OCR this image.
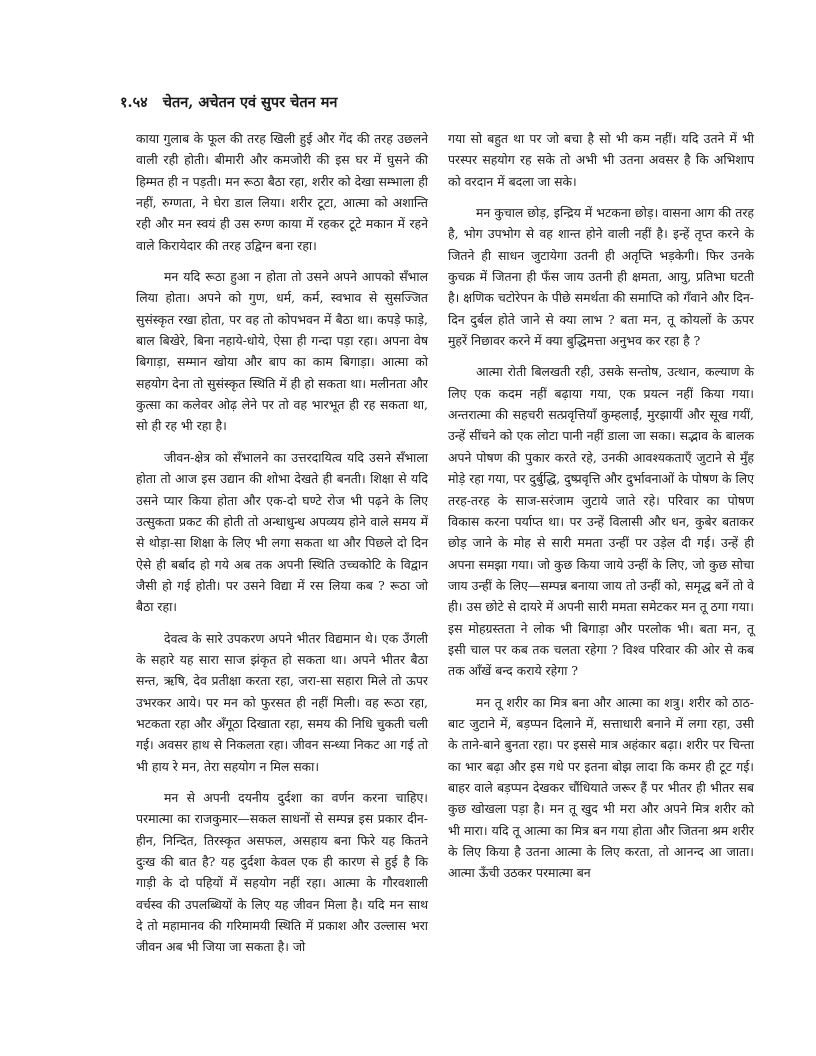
१.५४ चेतन, अचेतन एवं सुपर चेतन मन

काया गुलाब के फूल की तरह खिली हुई और गेंद की तरह उछलने वाली रही होती। बीमारी और कमजोरी की इस घर में घुसने की हिम्मत ही न पड़ती। मन रूठा बैठा रहा, शरीर को देखा सम्भाला ही नहीं, रुग्णता, ने घेरा डाल लिया। शरीर टूटा, आत्मा को अशान्ति रही और मन स्वयं ही उस रुग्ण काया में रहकर टूटे मकान में रहने वाले किरायेदार की तरह उद्विग्न बना रहा।

मन यदि रूठा हुआ न होता तो उसने अपने आपको सँभाल लिया होता। अपने को गुण, धर्म, कर्म, स्वभाव से सुसज्जित सुसंस्कृत रखा होता, पर वह तो कोपभवन में बैठा था। कपड़े फाड़े, बाल बिखेरे, बिना नहाये-धोये, ऐसा ही गन्दा पड़ा रहा। अपना वेष बिगाड़ा, सम्मान खोया और बाप का काम बिगाड़ा। आत्मा को सहयोग देना तो सुसंस्कृत स्थिति में ही हो सकता था। मलीनता और कुत्सा का कलेवर ओढ़ लेने पर तो वह भारभूत ही रह सकता था, सो ही रह भी रहा है।

जीवन-क्षेत्र को सँभालने का उत्तरदायित्व यदि उसने सँभाला होता तो आज इस उद्यान की शोभा देखते ही बनती। शिक्षा से यदि उसने प्यार किया होता और एक-दो घण्टे रोज भी पढ़ने के लिए उत्सुकता प्रकट की होती तो अन्धाधुन्ध अपव्यय होने वाले समय में से थोड़ा-सा शिक्षा के लिए भी लगा सकता था और पिछले दो दिन ऐसे ही बर्बाद हो गये अब तक अपनी स्थिति उच्चकोटि के विद्वान जैसी हो गई होती। पर उसने विद्या में रस लिया कब ? रूठा जो बैठा रहा।

देवत्व के सारे उपकरण अपने भीतर विद्यमान थे। एक उँगली के सहारे यह सारा साज झंकृत हो सकता था। अपने भीतर बैठा सन्त, ऋषि, देव प्रतीक्षा करता रहा, जरा-सा सहारा मिले तो ऊपर उभरकर आये। पर मन को फुरसत ही नहीं मिली। वह रूठा रहा, भटकता रहा और अँगूठा दिखाता रहा, समय की निधि चुकती चली गई। अवसर हाथ से निकलता रहा। जीवन सन्ध्या निकट आ गई तो भी हाय रे मन, तेरा सहयोग न मिल सका।

मन से अपनी दयनीय दुर्दशा का वर्णन करना चाहिए। परमात्मा का राजकुमार—सकल साधनों से सम्पन्न इस प्रकार दीन-हीन, निन्दित, तिरस्कृत असफल, असहाय बना फिरे यह कितने दुःख की बात है? यह दुर्दशा केवल एक ही कारण से हुई है कि गाड़ी के दो पहियों में सहयोग नहीं रहा। आत्मा के गौरवशाली वर्चस्व की उपलब्धियों के लिए यह जीवन मिला है। यदि मन साथ दे तो महामानव की गरिमामयी स्थिति में प्रकाश और उल्लास भरा जीवन अब भी जिया जा सकता है। जो

गया सो बहुत था पर जो बचा है सो भी कम नहीं। यदि उतने में भी परस्पर सहयोग रह सके तो अभी भी उतना अवसर है कि अभिशाप को वरदान में बदला जा सके।

मन कुचाल छोड़, इन्द्रिय में भटकना छोड़। वासना आग की तरह है, भोग उपभोग से वह शान्त होने वाली नहीं है। इन्हें तृप्त करने के जितने ही साधन जुटायेगा उतनी ही अतृप्ति भड़केगी। फिर उनके कुचक्र में जितना ही फँस जाय उतनी ही क्षमता, आयु, प्रतिभा घटती है। क्षणिक चटोरेपन के पीछे समर्थता की समाप्ति को गँवाने और दिन-दिन दुर्बल होते जाने से क्या लाभ ? बता मन, तू कोयलों के ऊपर मुहरें निछावर करने में क्या बुद्धिमत्ता अनुभव कर रहा है ?

आत्मा रोती बिलखती रही, उसके सन्तोष, उत्थान, कल्याण के लिए एक कदम नहीं बढ़ाया गया, एक प्रयत्न नहीं किया गया। अन्तरात्मा की सहचरी सत्प्रवृत्तियाँ कुम्हलाईं, मुरझायीं और सूख गयीं, उन्हें सींचने को एक लोटा पानी नहीं डाला जा सका। सद्भाव के बालक अपने पोषण की पुकार करते रहे, उनकी आवश्यकताएँ जुटाने से मुँह मोड़े रहा गया, पर दुर्बुद्धि, दुष्प्रवृत्ति और दुर्भावनाओं के पोषण के लिए तरह-तरह के साज-सरंजाम जुटाये जाते रहे। परिवार का पोषण विकास करना पर्याप्त था। पर उन्हें विलासी और धन, कुबेर बताकर छोड़ जाने के मोह से सारी ममता उन्हीं पर उड़ेल दी गई। उन्हें ही अपना समझा गया। जो कुछ किया जाये उन्हीं के लिए, जो कुछ सोचा जाय उन्हीं के लिए—सम्पन्न बनाया जाय तो उन्हीं को, समृद्ध बनें तो वे ही। उस छोटे से दायरे में अपनी सारी ममता समेटकर मन तू ठगा गया। इस मोहग्रस्तता ने लोक भी बिगाड़ा और परलोक भी। बता मन, तू इसी चाल पर कब तक चलता रहेगा ? विश्व परिवार की ओर से कब तक आँखें बन्द कराये रहेगा ?

मन तू शरीर का मित्र बना और आत्मा का शत्रु। शरीर को ठाठ-बाट जुटाने में, बड़प्पन दिलाने में, सत्ताधारी बनाने में लगा रहा, उसी के ताने-बाने बुनता रहा। पर इससे मात्र अहंकार बढ़ा। शरीर पर चिन्ता का भार बढ़ा और इस गधे पर इतना बोझ लादा कि कमर ही टूट गई। बाहर वाले बड़प्पन देखकर चौंधियाते जरूर हैं पर भीतर ही भीतर सब कुछ खोखला पड़ा है। मन तू खुद भी मरा और अपने मित्र शरीर को भी मारा। यदि तू आत्मा का मित्र बन गया होता और जितना श्रम शरीर के लिए किया है उतना आत्मा के लिए करता, तो आनन्द आ जाता। आत्मा ऊँची उठकर परमात्मा बन
